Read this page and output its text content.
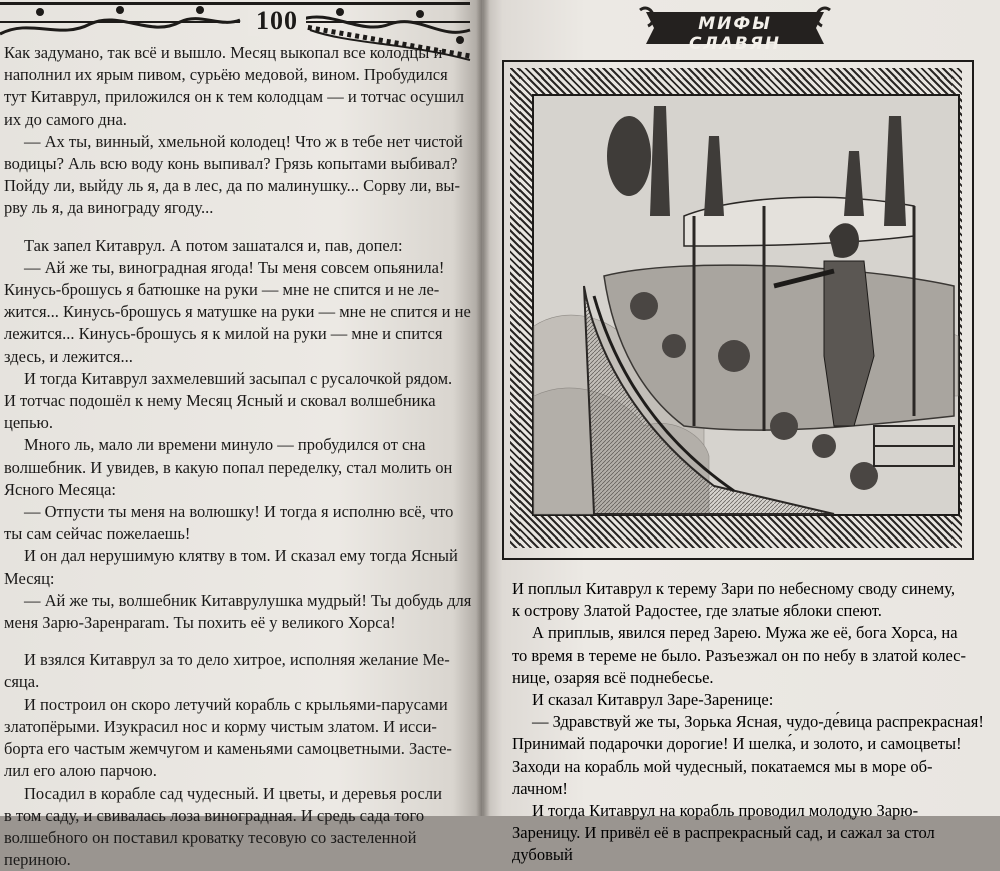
100

Как задумано, так всё и вышло. Месяц выкопал все колодцы и

наполнил их ярым пивом, сурьёю медовой, вином. Пробудился

тут Китаврул, приложился он к тем колодцам — и тотчас осушил

их до самого дна.

— Ах ты, винный, хмельной колодец! Что ж в тебе нет чистой

водицы? Аль всю воду конь выпивал? Грязь копытами выбивал?

Пойду ли, выйду ль я, да в лес, да по малинушку... Сорву ли, вы-

рву ль я, да винограду ягоду...

Так запел Китаврул. А потом зашатался и, пав, допел:

— Ай же ты, виноградная ягода! Ты меня совсем опьянила!

Кинусь-брошусь я батюшке на руки — мне не спится и не ле-

жится... Кинусь-брошусь я матушке на руки — мне не спится и не

лежится... Кинусь-брошусь я к милой на руки — мне и спится

здесь, и лежится...

И тогда Китаврул захмелевший засыпал с русалочкой рядом.

И тотчас подошёл к нему Месяц Ясный и сковал волшебника

цепью.

Много ль, мало ли времени минуло — пробудился от сна

волшебник. И увидев, в какую попал переделку, стал молить он

Ясного Месяца:

— Отпусти ты меня на волюшку! И тогда я исполню всё, что

ты сам сейчас пожелаешь!

И он дал нерушимую клятву в том. И сказал ему тогда Ясный

Месяц:

— Ай же ты, волшебник Китаврулушка мудрый! Ты добудь для

меня Зарю-Заренparam. Ты похить её у великого Хорса!

И взялся Китаврул за то дело хитрое, исполняя желание Ме-

сяца.

И построил он скоро летучий корабль с крыльями-парусами

златопёрыми. Изукрасил нос и корму чистым златом. И исси-

борта его частым жемчугом и каменьями самоцветными. Засте-

лил его алою парчою.

Посадил в корабле сад чудесный. И цветы, и деревья росли

в том саду, и свивалась лоза виноградная. И средь сада того

волшебного он поставил кроватку тесовую со застеленной

периною.

МИФЫ СЛАВЯН

И поплыл Китаврул к терему Зари по небесному своду синему,

к острову Златой Радостее, где златые яблоки спеют.

А приплыв, явился перед Зарею. Мужа же её, бога Хорса, на

то время в тереме не было. Разъезжал он по небу в златой колес-

нице, озаряя всё поднебесье.

И сказал Китаврул Заре-Заренице:

— Здравствуй же ты, Зорька Ясная, чудо-де́вица распрекрасная!

Принимай подарочки дорогие! И шелка́, и золото, и самоцветы!

Заходи на корабль мой чудесный, покатаемся мы в море об-

лачном!

И тогда Китаврул на корабль проводил молодую Зарю-

Зареницу. И привёл её в распрекрасный сад, и сажал за стол

дубовый
